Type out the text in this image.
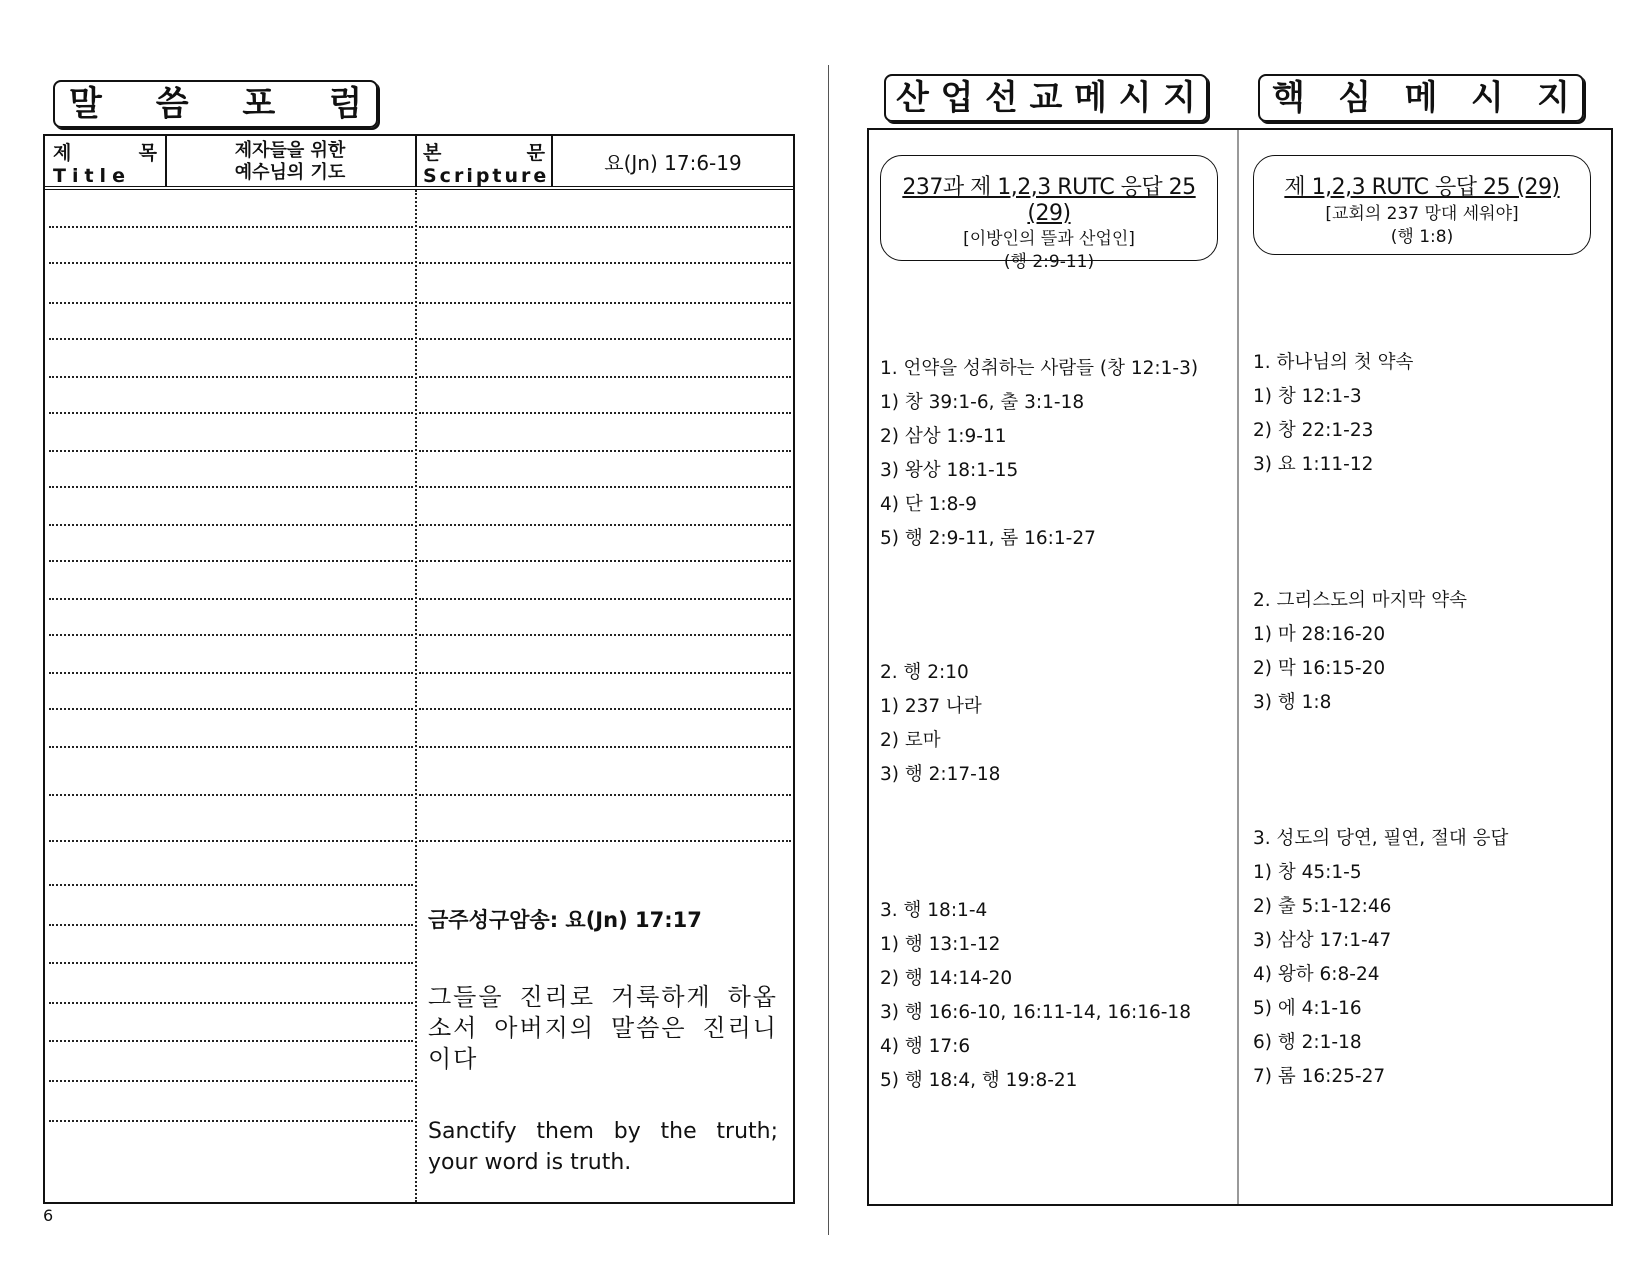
말 씀 포 럼
제	목
Title
제자들을 위한
예수님의 기도
본	문
Scripture
요(Jn) 17:6-19
금주성구암송: 요(Jn) 17:17
그들을 진리로 거룩하게 하옵소서 아버지의 말씀은 진리니이다
Sanctify them by the truth; your word is truth.
6
산 업 선 교 메 시 지 핵 심 메 시 지
237과 제 1,2,3 RUTC 응답 25 (29)
[이방인의 뜰과 산업인]
(행 2:9-11)
제 1,2,3 RUTC 응답 25 (29)
[교회의 237 망대 세워야]
(행 1:8)
1. 언약을 성취하는 사람들 (창 12:1-3)
1) 창 39:1-6, 출 3:1-18
2) 삼상 1:9-11
3) 왕상 18:1-15
4) 단 1:8-9
5) 행 2:9-11, 롬 16:1-27
2. 행 2:10
1) 237 나라
2) 로마
3) 행 2:17-18
3. 행 18:1-4
1) 행 13:1-12
2) 행 14:14-20
3) 행 16:6-10, 16:11-14, 16:16-18
4) 행 17:6
5) 행 18:4, 행 19:8-21
1. 하나님의 첫 약속
1) 창 12:1-3
2) 창 22:1-23
3) 요 1:11-12
2. 그리스도의 마지막 약속
1) 마 28:16-20
2) 막 16:15-20
3) 행 1:8
3. 성도의 당연, 필연, 절대 응답
1) 창 45:1-5
2) 출 5:1-12:46
3) 삼상 17:1-47
4) 왕하 6:8-24
5) 에 4:1-16
6) 행 2:1-18
7) 롬 16:25-27
